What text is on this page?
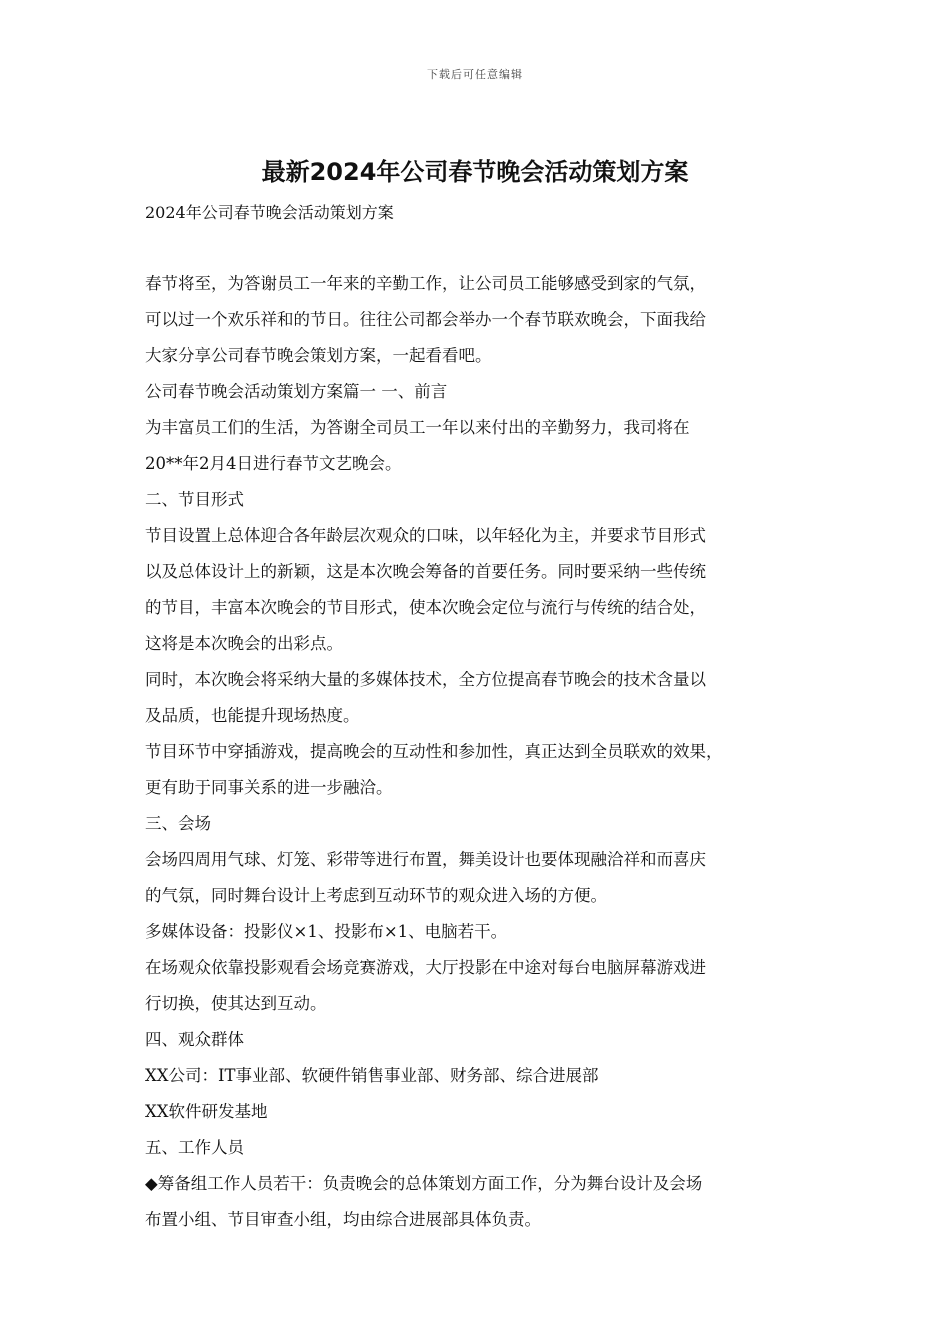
下载后可任意编辑
最新2024年公司春节晚会活动策划方案
2024年公司春节晚会活动策划方案
春节将至，为答谢员工一年来的辛勤工作，让公司员工能够感受到家的气氛，
可以过一个欢乐祥和的节日。往往公司都会举办一个春节联欢晚会，下面我给
大家分享公司春节晚会策划方案，一起看看吧。
公司春节晚会活动策划方案篇一 一、前言
为丰富员工们的生活，为答谢全司员工一年以来付出的辛勤努力，我司将在
20**年2月4日进行春节文艺晚会。
二、节目形式
节目设置上总体迎合各年龄层次观众的口味，以年轻化为主，并要求节目形式
以及总体设计上的新颖，这是本次晚会筹备的首要任务。同时要采纳一些传统
的节目，丰富本次晚会的节目形式，使本次晚会定位与流行与传统的结合处，
这将是本次晚会的出彩点。
同时，本次晚会将采纳大量的多媒体技术，全方位提高春节晚会的技术含量以
及品质，也能提升现场热度。
节目环节中穿插游戏，提高晚会的互动性和参加性，真正达到全员联欢的效果，
更有助于同事关系的进一步融洽。
三、会场
会场四周用气球、灯笼、彩带等进行布置，舞美设计也要体现融洽祥和而喜庆
的气氛，同时舞台设计上考虑到互动环节的观众进入场的方便。
多媒体设备：投影仪×1、投影布×1、电脑若干。
在场观众依靠投影观看会场竞赛游戏，大厅投影在中途对每台电脑屏幕游戏进
行切换，使其达到互动。
四、观众群体
XX公司：IT事业部、软硬件销售事业部、财务部、综合进展部
XX软件研发基地
五、工作人员
◆筹备组工作人员若干：负责晚会的总体策划方面工作，分为舞台设计及会场
布置小组、节目审查小组，均由综合进展部具体负责。
